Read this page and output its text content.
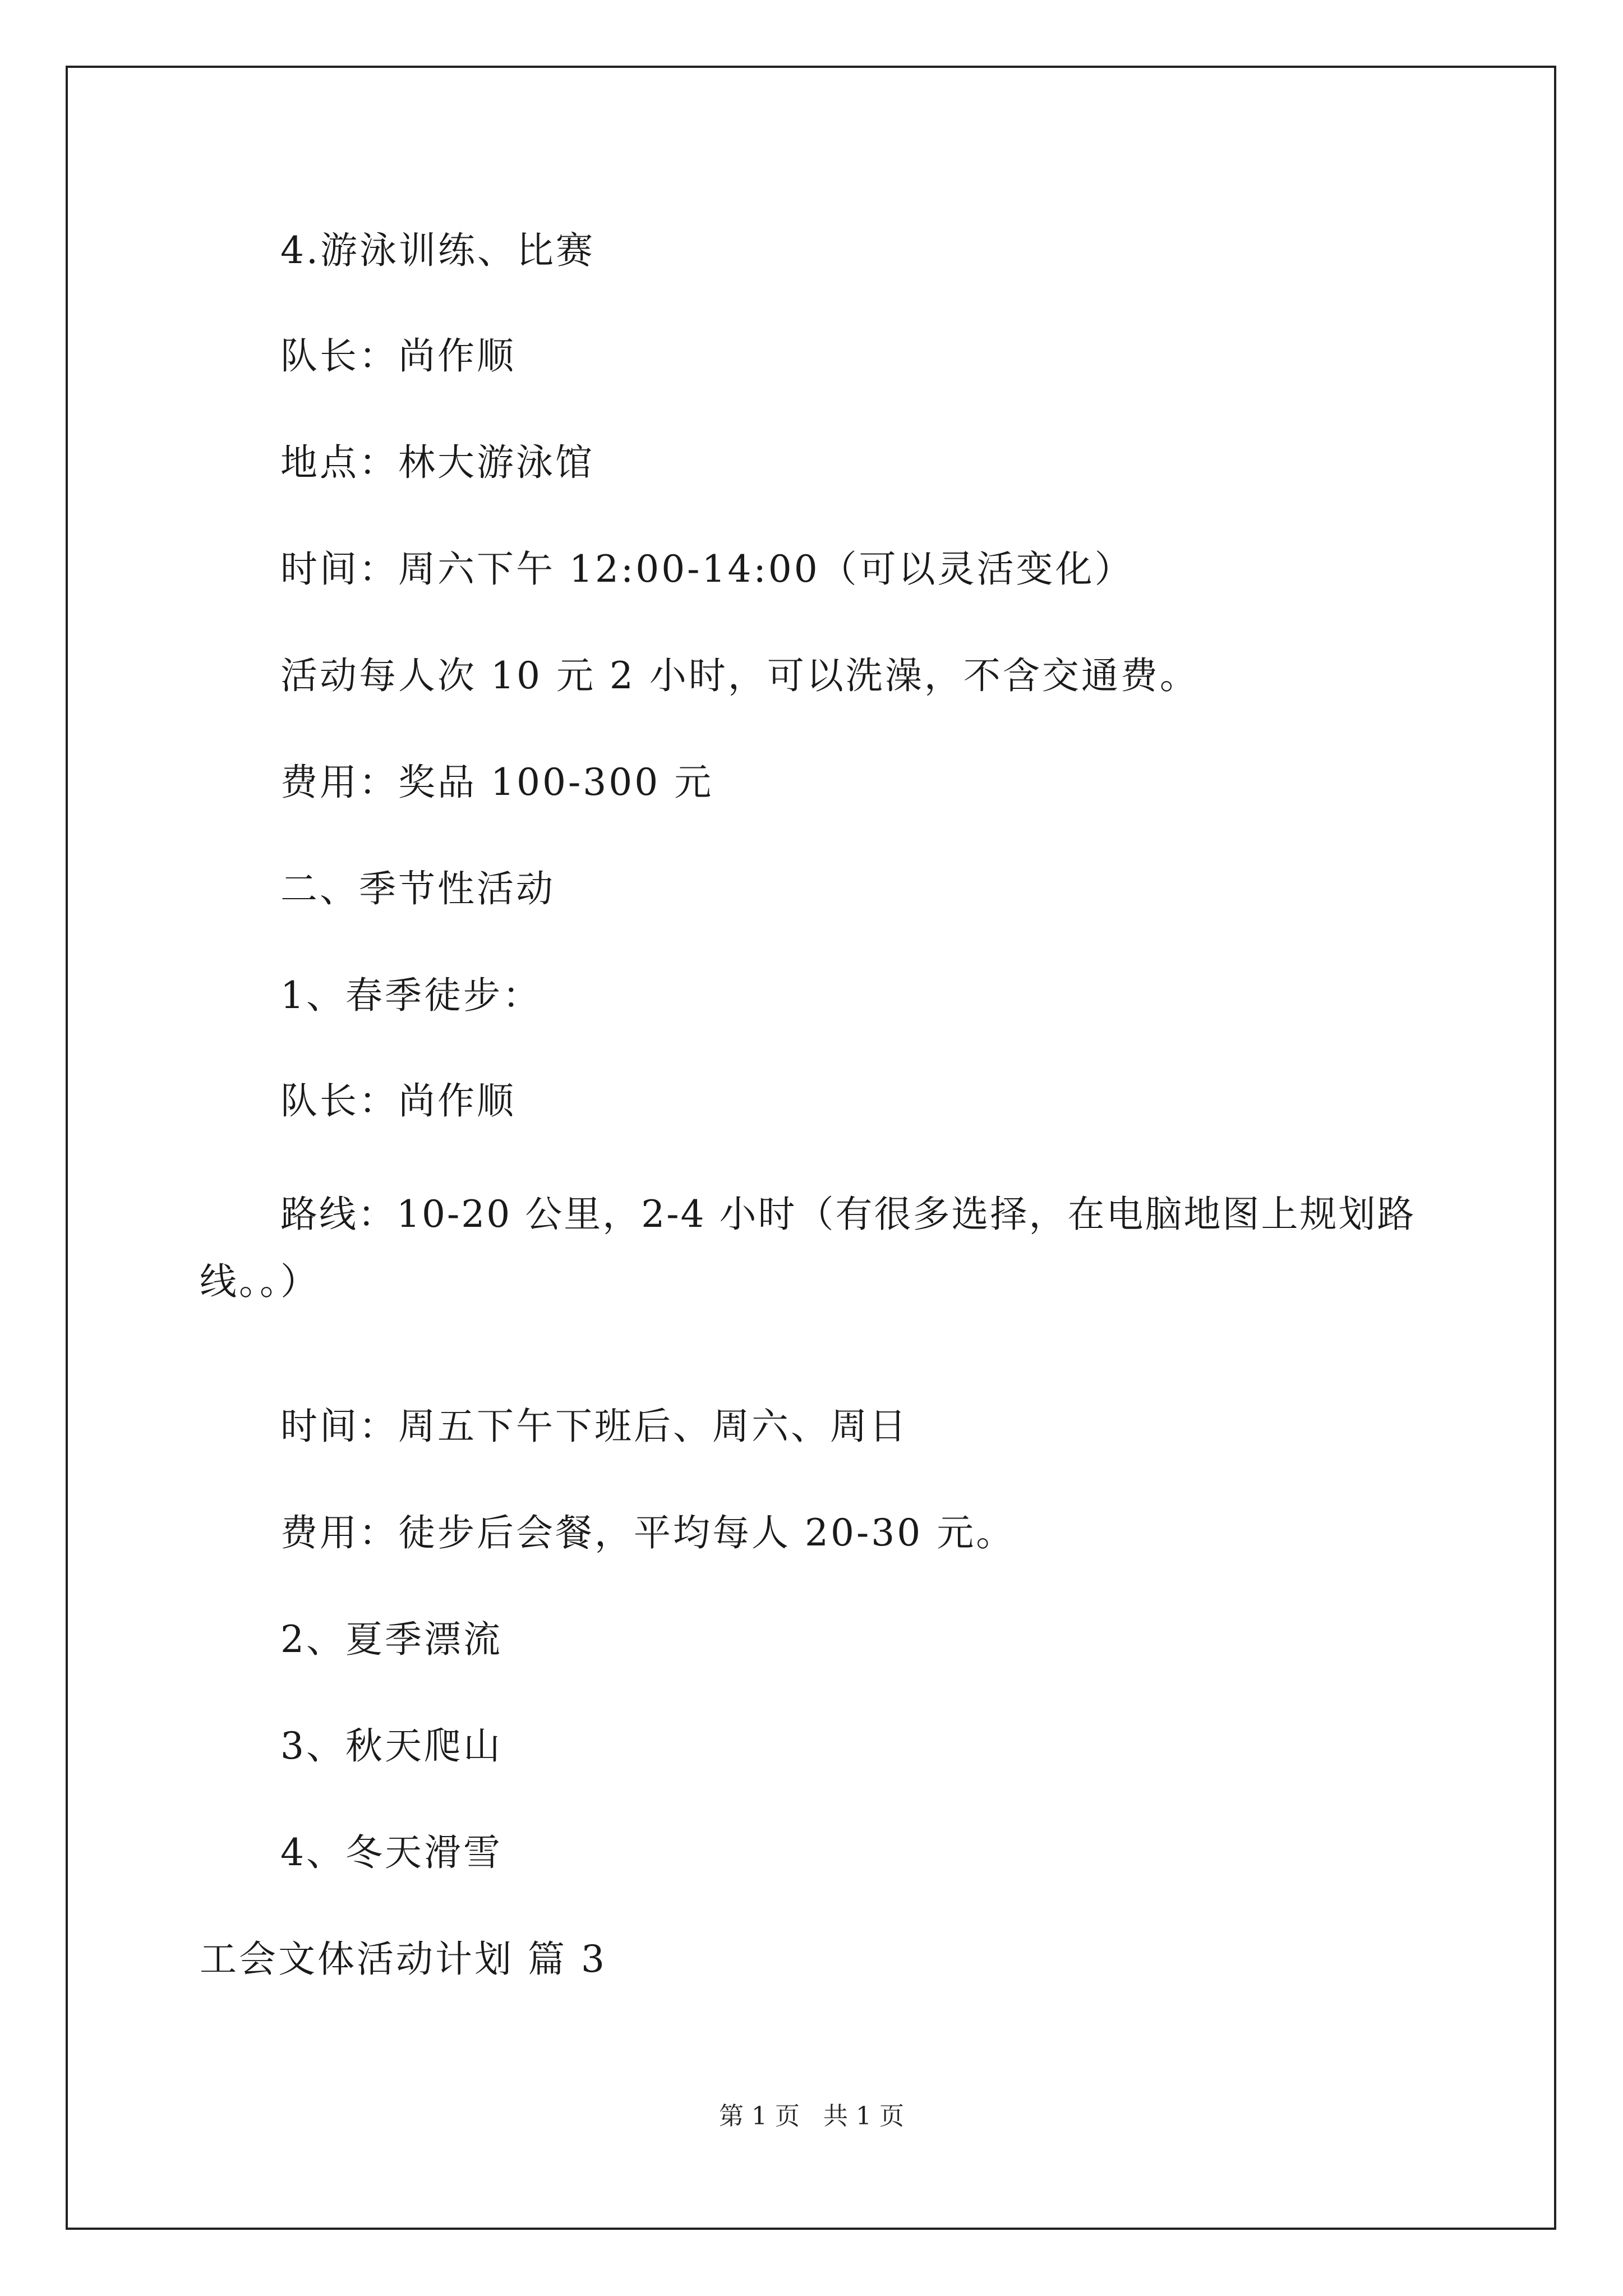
4.游泳训练、比赛
队长：尚作顺
地点：林大游泳馆
时间：周六下午 12:00-14:00（可以灵活变化）
活动每人次 10 元 2 小时，可以洗澡，不含交通费。
费用：奖品 100-300 元
二、季节性活动
1、春季徒步：
队长：尚作顺
路线：10-20 公里，2-4 小时（有很多选择，在电脑地图上规划路
线。。）
时间：周五下午下班后、周六、周日
费用：徒步后会餐，平均每人 20-30 元。
2、夏季漂流
3、秋天爬山
4、冬天滑雪
工会文体活动计划 篇 3
第 1 页 共 1 页
